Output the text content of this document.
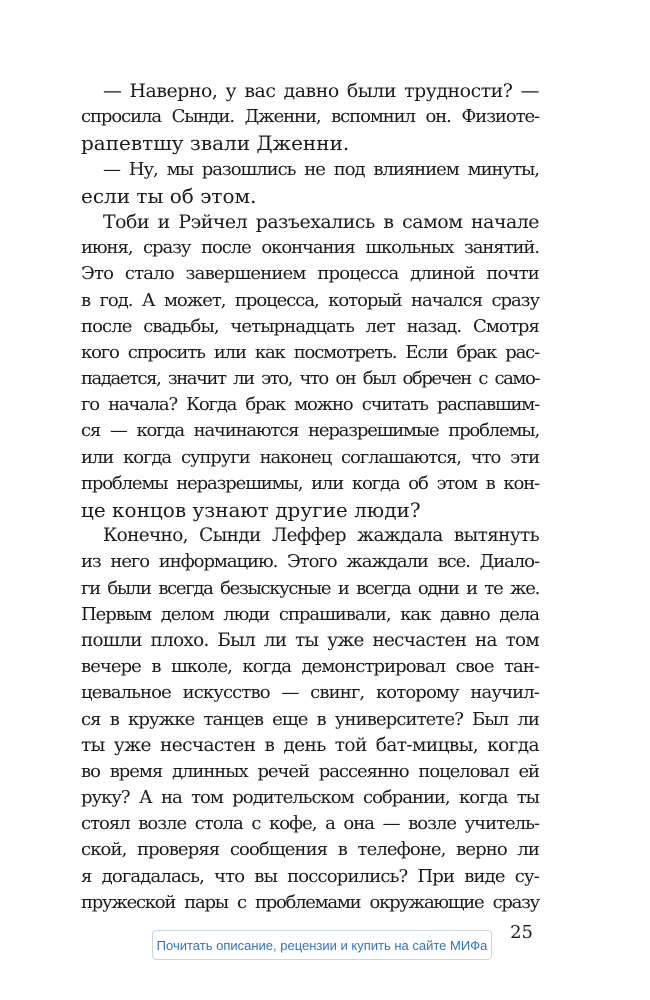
— Наверно, у вас давно были трудности? —
спросила Сынди. Дженни, вспомнил он. Физиоте-
рапевтшу звали Дженни.
— Ну, мы разошлись не под влиянием минуты,
если ты об этом.
Тоби и Рэйчел разъехались в самом начале
июня, сразу после окончания школьных занятий.
Это стало завершением процесса длиной почти
в год. А может, процесса, который начался сразу
после свадьбы, четырнадцать лет назад. Смотря
кого спросить или как посмотреть. Если брак рас-
падается, значит ли это, что он был обречен с само-
го начала? Когда брак можно считать распавшим-
ся — когда начинаются неразрешимые проблемы,
или когда супруги наконец соглашаются, что эти
проблемы неразрешимы, или когда об этом в кон-
це концов узнают другие люди?
Конечно, Сынди Леффер жаждала вытянуть
из него информацию. Этого жаждали все. Диало-
ги были всегда безыскусные и всегда одни и те же.
Первым делом люди спрашивали, как давно дела
пошли плохо. Был ли ты уже несчастен на том
вечере в школе, когда демонстрировал свое тан-
цевальное искусство — свинг, которому научил-
ся в кружке танцев еще в университете? Был ли
ты уже несчастен в день той бат-мицвы, когда
во время длинных речей рассеянно поцеловал ей
руку? А на том родительском собрании, когда ты
стоял возле стола с кофе, а она — возле учитель-
ской, проверяя сообщения в телефоне, верно ли
я догадалась, что вы поссорились? При виде су-
пружеской пары с проблемами окружающие сразу
25
Почитать описание, рецензии и купить на сайте МИФа
